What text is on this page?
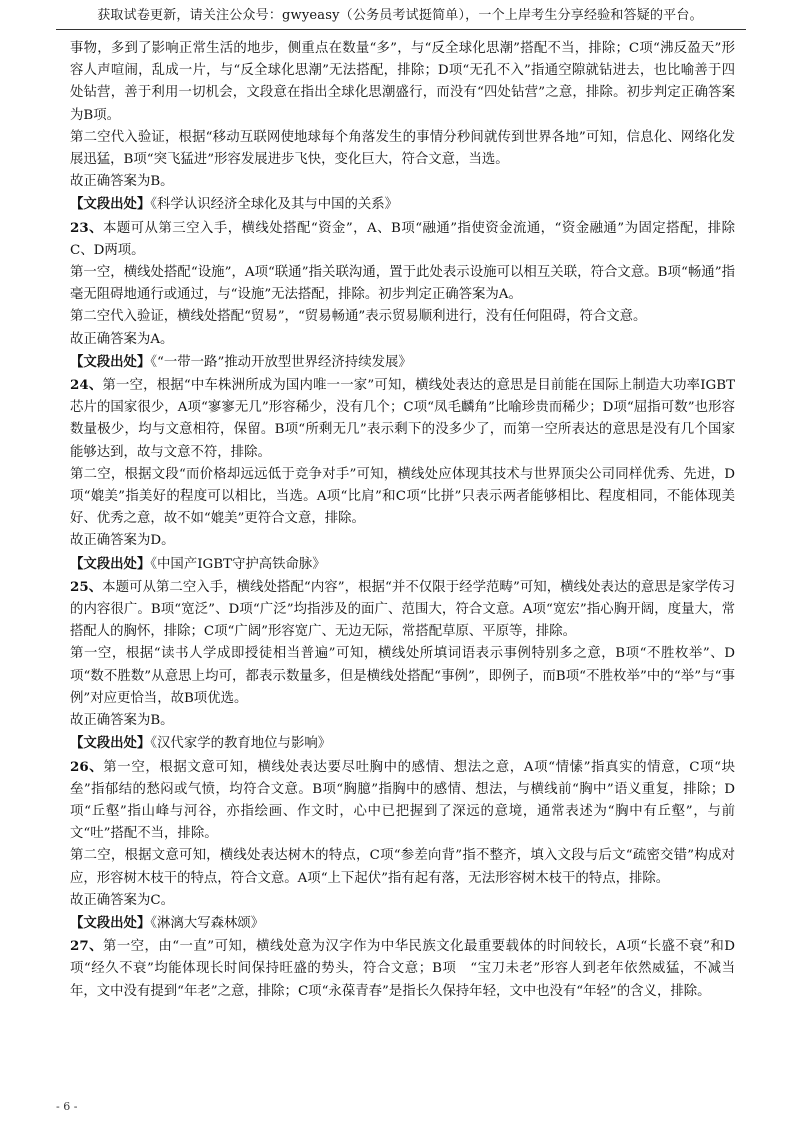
获取试卷更新，请关注公众号：gwyeasy（公务员考试挺简单），一个上岸考生分享经验和答疑的平台。

事物，多到了影响正常生活的地步，侧重点在数量“多”，与“反全球化思潮”搭配不当，排除；C项“沸反盈天”形容人声喧闹，乱成一片，与“反全球化思潮”无法搭配，排除；D项“无孔不入”指通空隙就钻进去，也比喻善于四处钻营，善于利用一切机会，文段意在指出全球化思潮盛行，而没有“四处钻营”之意，排除。初步判定正确答案为B项。

第二空代入验证，根据“移动互联网使地球每个角落发生的事情分秒间就传到世界各地”可知，信息化、网络化发展迅猛，B项“突飞猛进”形容发展进步飞快，变化巨大，符合文意，当选。

故正确答案为B。

【文段出处】《科学认识经济全球化及其与中国的关系》

23、本题可从第三空入手，横线处搭配“资金”，A、B项“融通”指使资金流通，“资金融通”为固定搭配，排除C、D两项。

第一空，横线处搭配“设施”，A项“联通”指关联沟通，置于此处表示设施可以相互关联，符合文意。B项“畅通”指毫无阻碍地通行或通过，与“设施”无法搭配，排除。初步判定正确答案为A。

第二空代入验证，横线处搭配“贸易”，“贸易畅通”表示贸易顺利进行，没有任何阻碍，符合文意。

故正确答案为A。

【文段出处】《“一带一路”推动开放型世界经济持续发展》

24、第一空，根据“中车株洲所成为国内唯一一家”可知，横线处表达的意思是目前能在国际上制造大功率IGBT芯片的国家很少，A项“寥寥无几”形容稀少，没有几个；C项“凤毛麟角”比喻珍贵而稀少；D项“屈指可数”也形容数量极少，均与文意相符，保留。B项“所剩无几”表示剩下的没多少了，而第一空所表达的意思是没有几个国家能够达到，故与文意不符，排除。

第二空，根据文段“而价格却远远低于竞争对手”可知，横线处应体现其技术与世界顶尖公司同样优秀、先进，D项“媲美”指美好的程度可以相比，当选。A项“比肩”和C项“比拼”只表示两者能够相比、程度相同，不能体现美好、优秀之意，故不如“媲美”更符合文意，排除。

故正确答案为D。

【文段出处】《中国产IGBT守护高铁命脉》

25、本题可从第二空入手，横线处搭配“内容”，根据“并不仅限于经学范畴”可知，横线处表达的意思是家学传习的内容很广。B项“宽泛”、D项“广泛”均指涉及的面广、范围大，符合文意。A项“宽宏”指心胸开阔，度量大，常搭配人的胸怀，排除；C项“广阔”形容宽广、无边无际，常搭配草原、平原等，排除。

第一空，根据“读书人学成即授徒相当普遍”可知，横线处所填词语表示事例特别多之意，B项“不胜枚举”、D项“数不胜数”从意思上均可，都表示数量多，但是横线处搭配“事例”，即例子，而B项“不胜枚举”中的“举”与“事例”对应更恰当，故B项优选。

故正确答案为B。

【文段出处】《汉代家学的教育地位与影响》

26、第一空，根据文意可知，横线处表达要尽吐胸中的感情、想法之意，A项“情愫”指真实的情意，C项“块垒”指郁结的愁闷或气愤，均符合文意。B项“胸臆”指胸中的感情、想法，与横线前“胸中”语义重复，排除；D项“丘壑”指山峰与河谷，亦指绘画、作文时，心中已把握到了深远的意境，通常表述为“胸中有丘壑”，与前文“吐”搭配不当，排除。

第二空，根据文意可知，横线处表达树木的特点，C项“参差向背”指不整齐，填入文段与后文“疏密交错”构成对应，形容树木枝干的特点，符合文意。A项“上下起伏”指有起有落，无法形容树木枝干的特点，排除。

故正确答案为C。

【文段出处】《淋漓大写森林颂》

27、第一空，由“一直”可知，横线处意为汉字作为中华民族文化最重要载体的时间较长，A项“长盛不衰”和D项“经久不衰”均能体现长时间保持旺盛的势头，符合文意；B项　“宝刀未老”形容人到老年依然威猛，不减当年，文中没有提到“年老”之意，排除；C项“永葆青春”是指长久保持年轻，文中也没有“年轻”的含义，排除。

- 6 -
